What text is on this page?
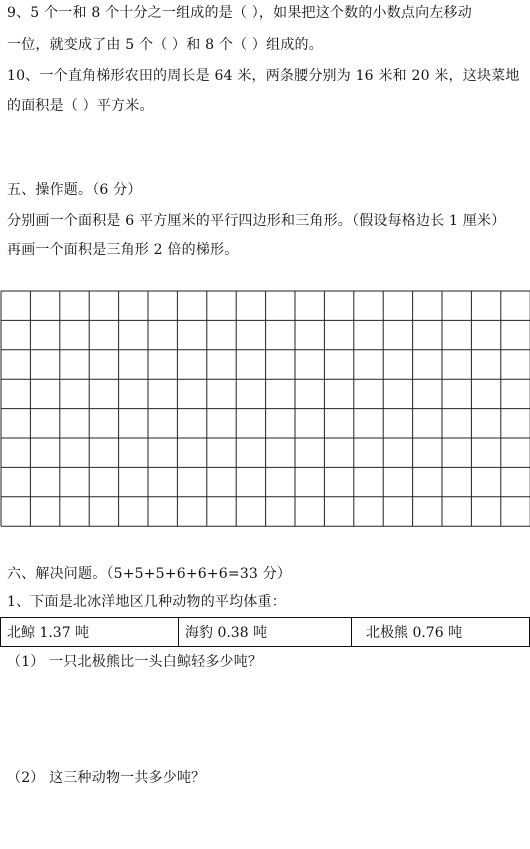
9、5 个一和 8 个十分之一组成的是（ ），如果把这个数的小数点向左移动
一位，就变成了由 5 个（ ）和 8 个（ ）组成的。
10、一个直角梯形农田的周长是 64 米，两条腰分别为 16 米和 20 米，这块菜地
的面积是（ ）平方米。
五、操作题。（6 分）
分别画一个面积是 6 平方厘米的平行四边形和三角形。（假设每格边长 1 厘米）
再画一个面积是三角形 2 倍的梯形。
六、解决问题。（5+5+5+6+6+6=33 分）
1、下面是北冰洋地区几种动物的平均体重：
北鲸 1.37 吨	海豹 0.38 吨	北极熊 0.76 吨
（1） 一只北极熊比一头白鲸轻多少吨？
（2） 这三种动物一共多少吨？
